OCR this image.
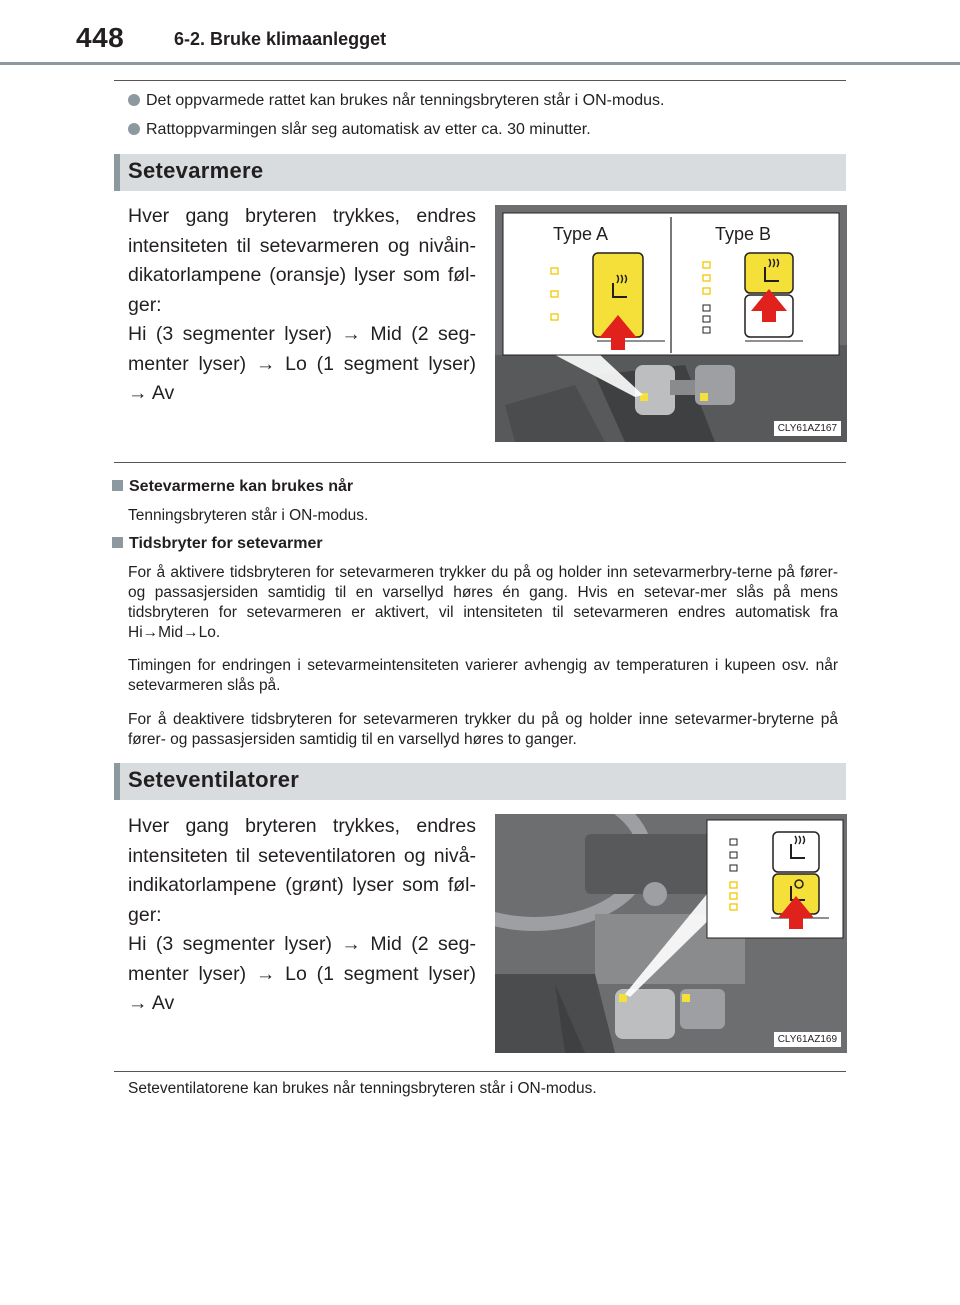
448	6-2. Bruke klimaanlegget
Det oppvarmede rattet kan brukes når tenningsbryteren står i ON-modus.
Rattoppvarmingen slår seg automatisk av etter ca. 30 minutter.
Setevarmere
Hver gang bryteren trykkes, endres
intensiteten til setevarmeren og nivåin-
dikatorlampene (oransje) lyser som føl-
ger:
Hi (3 segmenter lyser) → Mid (2 seg-
menter lyser) → Lo (1 segment lyser)
→ Av
Type A	Type B
CLY61AZ167
Setevarmerne kan brukes når
Tenningsbryteren står i ON-modus.
Tidsbryter for setevarmer
For å aktivere tidsbryteren for setevarmeren trykker du på og holder inn setevarmerbry-terne på fører- og passasjersiden samtidig til en varsellyd høres én gang. Hvis en setevar-mer slås på mens tidsbryteren for setevarmeren er aktivert, vil intensiteten til setevarmeren endres automatisk fra Hi→Mid→Lo.
Timingen for endringen i setevarmeintensiteten varierer avhengig av temperaturen i kupeen osv. når setevarmeren slås på.
For å deaktivere tidsbryteren for setevarmeren trykker du på og holder inne setevarmer-bryterne på fører- og passasjersiden samtidig til en varsellyd høres to ganger.
Seteventilatorer
Hver gang bryteren trykkes, endres
intensiteten til seteventilatoren og nivå-
indikatorlampene (grønt) lyser som føl-
ger:
Hi (3 segmenter lyser) → Mid (2 seg-
menter lyser) → Lo (1 segment lyser)
→ Av
CLY61AZ169
Seteventilatorene kan brukes når tenningsbryteren står i ON-modus.
